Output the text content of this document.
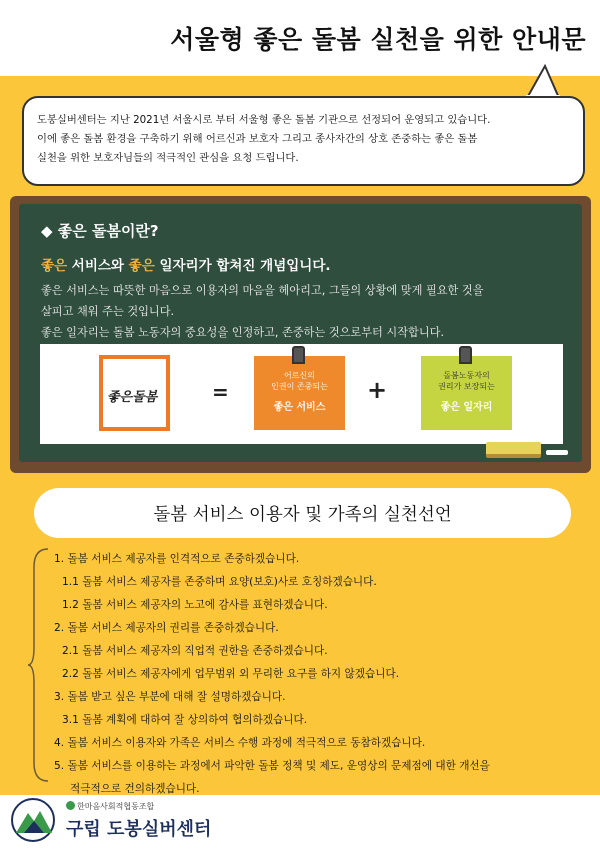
서울형 좋은 돌봄 실천을 위한 안내문

도봉실버센터는 지난 2021년 서울시로 부터 서울형 좋은 돌봄 기관으로 선정되어 운영되고 있습니다.

이에 좋은 돌봄 환경을 구축하기 위해 어르신과 보호자 그리고 종사자간의 상호 존중하는 좋은 돌봄

실천을 위한 보호자님들의 적극적인 관심을 요청 드립니다.

◆ 좋은 돌봄이란?
좋은 서비스와 좋은 일자리가 합쳐진 개념입니다.
좋은 서비스는 따뜻한 마음으로 이용자의 마음을 헤아리고, 그들의 상황에 맞게 필요한 것을
살피고 채워 주는 것입니다.
좋은 일자리는 돌봄 노동자의 중요성을 인정하고, 존중하는 것으로부터 시작합니다.
좋은돌봄	=
어르신의
인권이 존중되는
좋은 서비스
+
돌봄노동자의
권리가 보장되는
좋은 일자리
돌봄 서비스 이용자 및 가족의 실천선언
1. 돌봄 서비스 제공자를 인격적으로 존중하겠습니다.
1.1 돌봄 서비스 제공자를 존중하며 요양(보호)사로 호칭하겠습니다.
1.2 돌봄 서비스 제공자의 노고에 감사를 표현하겠습니다.
2. 돌봄 서비스 제공자의 권리를 존중하겠습니다.
2.1 돌봄 서비스 제공자의 직업적 권한을 존중하겠습니다.
2.2 돌봄 서비스 제공자에게 업무범위 외 무리한 요구를 하지 않겠습니다.
3. 돌봄 받고 싶은 부분에 대해 잘 설명하겠습니다.
3.1 돌봄 계획에 대하여 잘 상의하여 협의하겠습니다.
4. 돌봄 서비스 이용자와 가족은 서비스 수행 과정에 적극적으로 동참하겠습니다.
5. 돌봄 서비스를 이용하는 과정에서 파악한 돌봄 정책 및 제도, 운영상의 문제점에 대한 개선을
적극적으로 건의하겠습니다.
한마음사회적협동조합
구립 도봉실버센터
